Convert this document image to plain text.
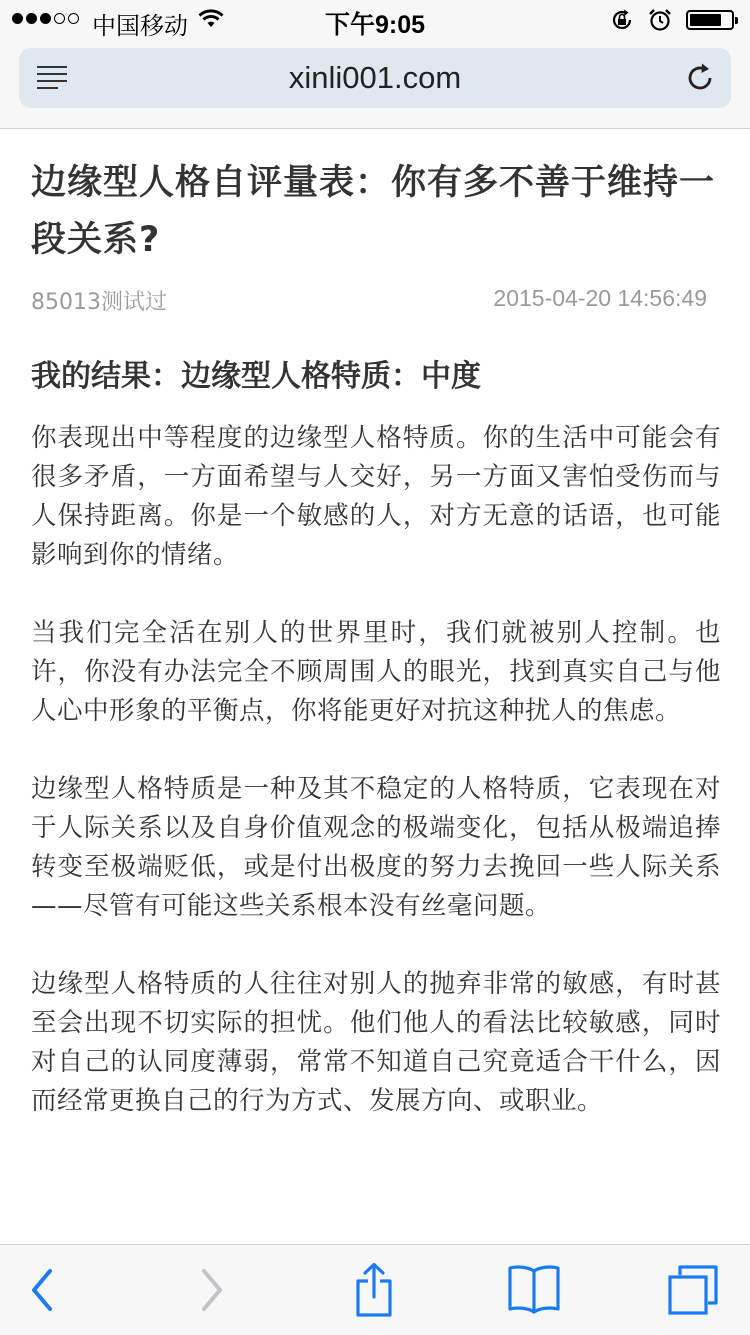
中国移动	下午9:05
xinli001.com
边缘型人格自评量表：你有多不善于维持一段关系?
85013测试过	2015-04-20 14:56:49
我的结果：边缘型人格特质：中度

你表现出中等程度的边缘型人格特质。你的生活中可能会有很多矛盾，一方面希望与人交好，另一方面又害怕受伤而与人保持距离。你是一个敏感的人，对方无意的话语，也可能影响到你的情绪。

当我们完全活在别人的世界里时，我们就被别人控制。也许，你没有办法完全不顾周围人的眼光，找到真实自己与他人心中形象的平衡点，你将能更好对抗这种扰人的焦虑。

边缘型人格特质是一种及其不稳定的人格特质，它表现在对于人际关系以及自身价值观念的极端变化，包括从极端追捧转变至极端贬低，或是付出极度的努力去挽回一些人际关系——尽管有可能这些关系根本没有丝毫问题。

边缘型人格特质的人往往对别人的抛弃非常的敏感，有时甚至会出现不切实际的担忧。他们他人的看法比较敏感，同时对自己的认同度薄弱，常常不知道自己究竟适合干什么，因而经常更换自己的行为方式、发展方向、或职业。
